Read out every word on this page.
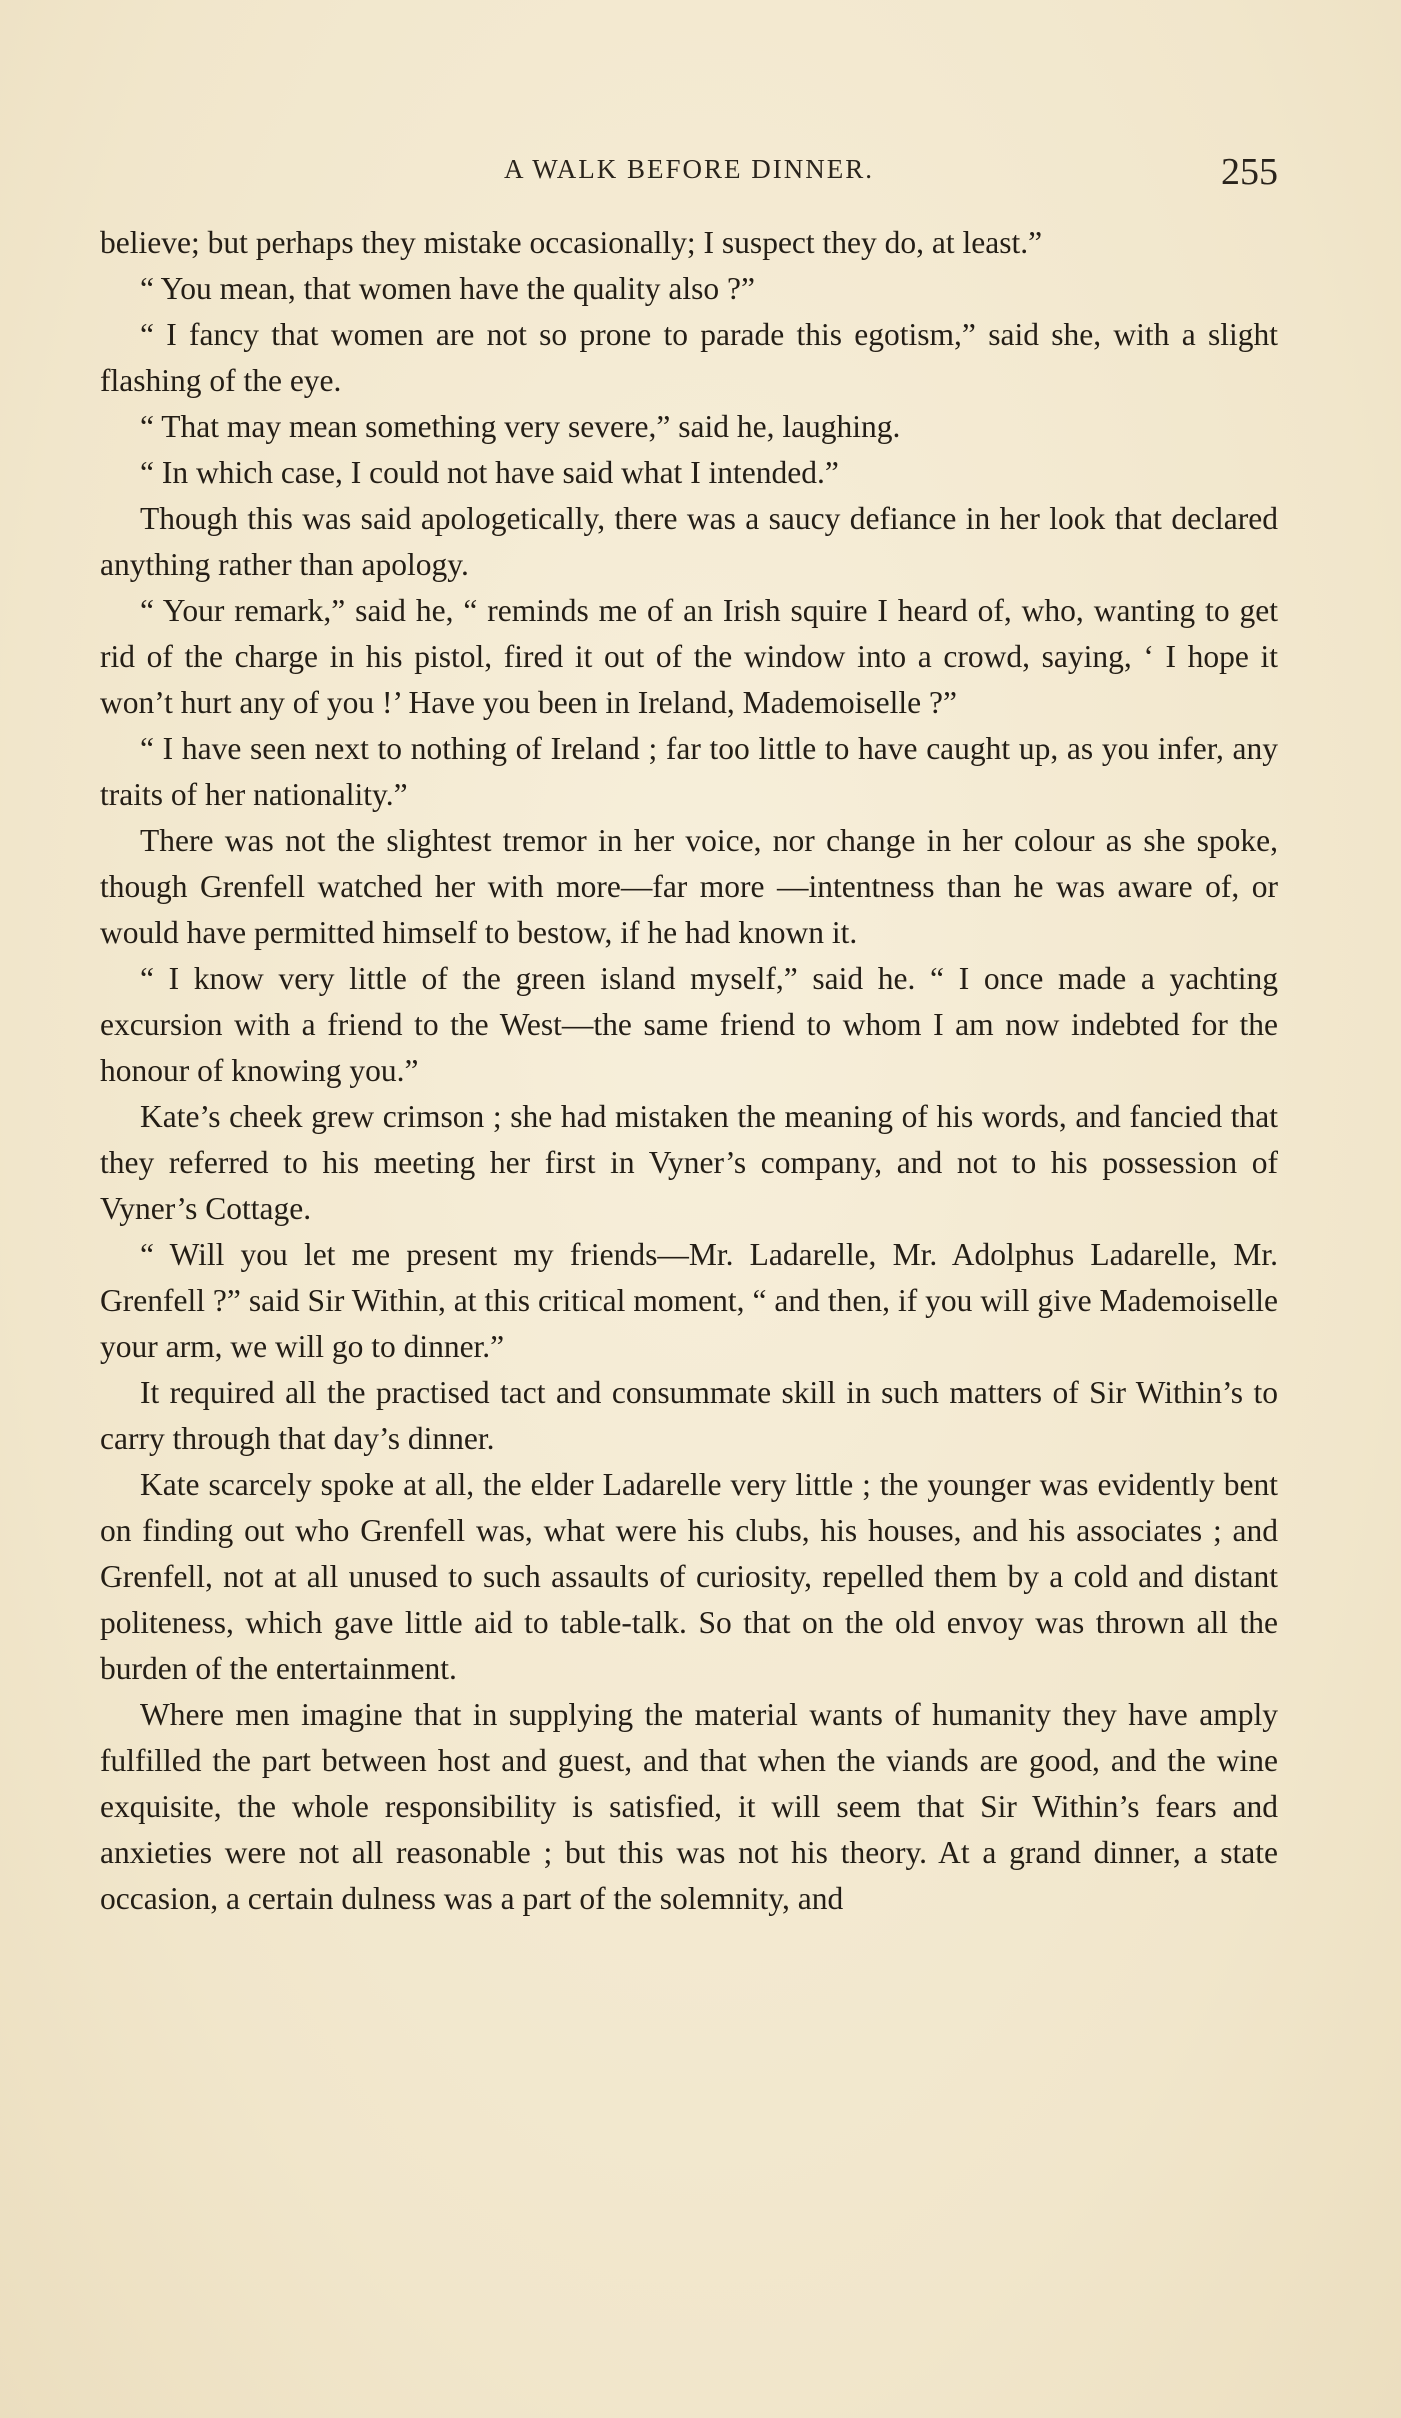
A WALK BEFORE DINNER.	255

believe; but perhaps they mistake occasionally; I suspect they do, at least.”

“ You mean, that women have the quality also ?”

“ I fancy that women are not so prone to parade this egotism,” said she, with a slight flashing of the eye.

“ That may mean something very severe,” said he, laughing.

“ In which case, I could not have said what I intended.”

Though this was said apologetically, there was a saucy defiance in her look that declared anything rather than apology.

“ Your remark,” said he, “ reminds me of an Irish squire I heard of, who, wanting to get rid of the charge in his pistol, fired it out of the window into a crowd, saying, ‘ I hope it won’t hurt any of you !’ Have you been in Ireland, Mademoiselle ?”

“ I have seen next to nothing of Ireland ; far too little to have caught up, as you infer, any traits of her nationality.”

There was not the slightest tremor in her voice, nor change in her colour as she spoke, though Grenfell watched her with more—far more —intentness than he was aware of, or would have permitted himself to bestow, if he had known it.

“ I know very little of the green island myself,” said he. “ I once made a yachting excursion with a friend to the West—the same friend to whom I am now indebted for the honour of knowing you.”

Kate’s cheek grew crimson ; she had mistaken the meaning of his words, and fancied that they referred to his meeting her first in Vyner’s company, and not to his possession of Vyner’s Cottage.

“ Will you let me present my friends—Mr. Ladarelle, Mr. Adolphus Ladarelle, Mr. Grenfell ?” said Sir Within, at this critical moment, “ and then, if you will give Mademoiselle your arm, we will go to dinner.”

It required all the practised tact and consummate skill in such matters of Sir Within’s to carry through that day’s dinner.

Kate scarcely spoke at all, the elder Ladarelle very little ; the younger was evidently bent on finding out who Grenfell was, what were his clubs, his houses, and his associates ; and Grenfell, not at all unused to such assaults of curiosity, repelled them by a cold and distant politeness, which gave little aid to table-talk. So that on the old envoy was thrown all the burden of the entertainment.

Where men imagine that in supplying the material wants of humanity they have amply fulfilled the part between host and guest, and that when the viands are good, and the wine exquisite, the whole responsibility is satisfied, it will seem that Sir Within’s fears and anxieties were not all reasonable ; but this was not his theory. At a grand dinner, a state occasion, a certain dulness was a part of the solemnity, and
